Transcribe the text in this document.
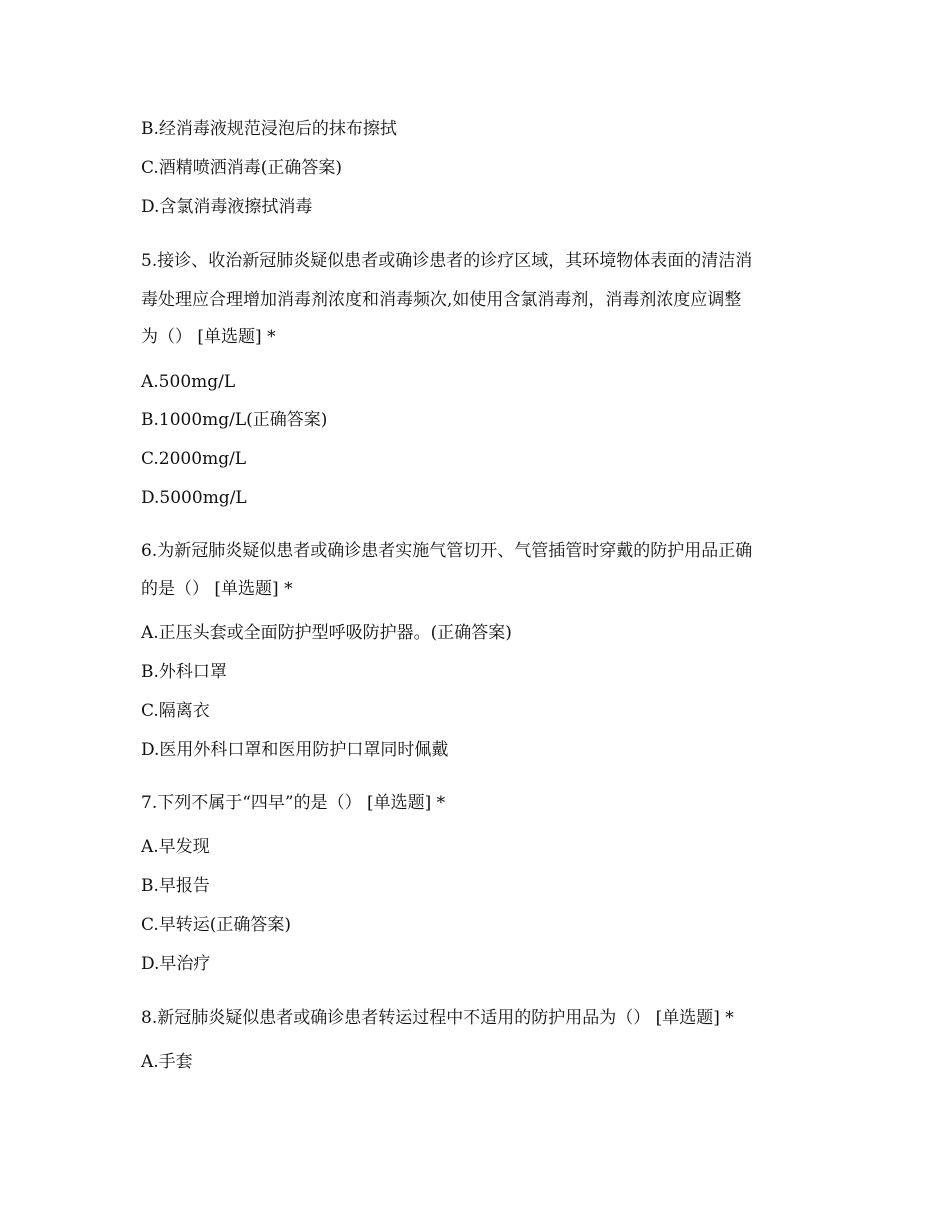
B.经消毒液规范浸泡后的抹布擦拭
C.酒精喷洒消毒(正确答案)
D.含氯消毒液擦拭消毒
5.接诊、收治新冠肺炎疑似患者或确诊患者的诊疗区域，其环境物体表面的清洁消
毒处理应合理增加消毒剂浓度和消毒频次,如使用含氯消毒剂，消毒剂浓度应调整
为（） [单选题] *
A.500mg/L
B.1000mg/L(正确答案)
C.2000mg/L
D.5000mg/L
6.为新冠肺炎疑似患者或确诊患者实施气管切开、气管插管时穿戴的防护用品正确
的是（） [单选题] *
A.正压头套或全面防护型呼吸防护器。(正确答案)
B.外科口罩
C.隔离衣
D.医用外科口罩和医用防护口罩同时佩戴
7.下列不属于“四早”的是（） [单选题] *
A.早发现
B.早报告
C.早转运(正确答案)
D.早治疗
8.新冠肺炎疑似患者或确诊患者转运过程中不适用的防护用品为（） [单选题] *
A.手套
